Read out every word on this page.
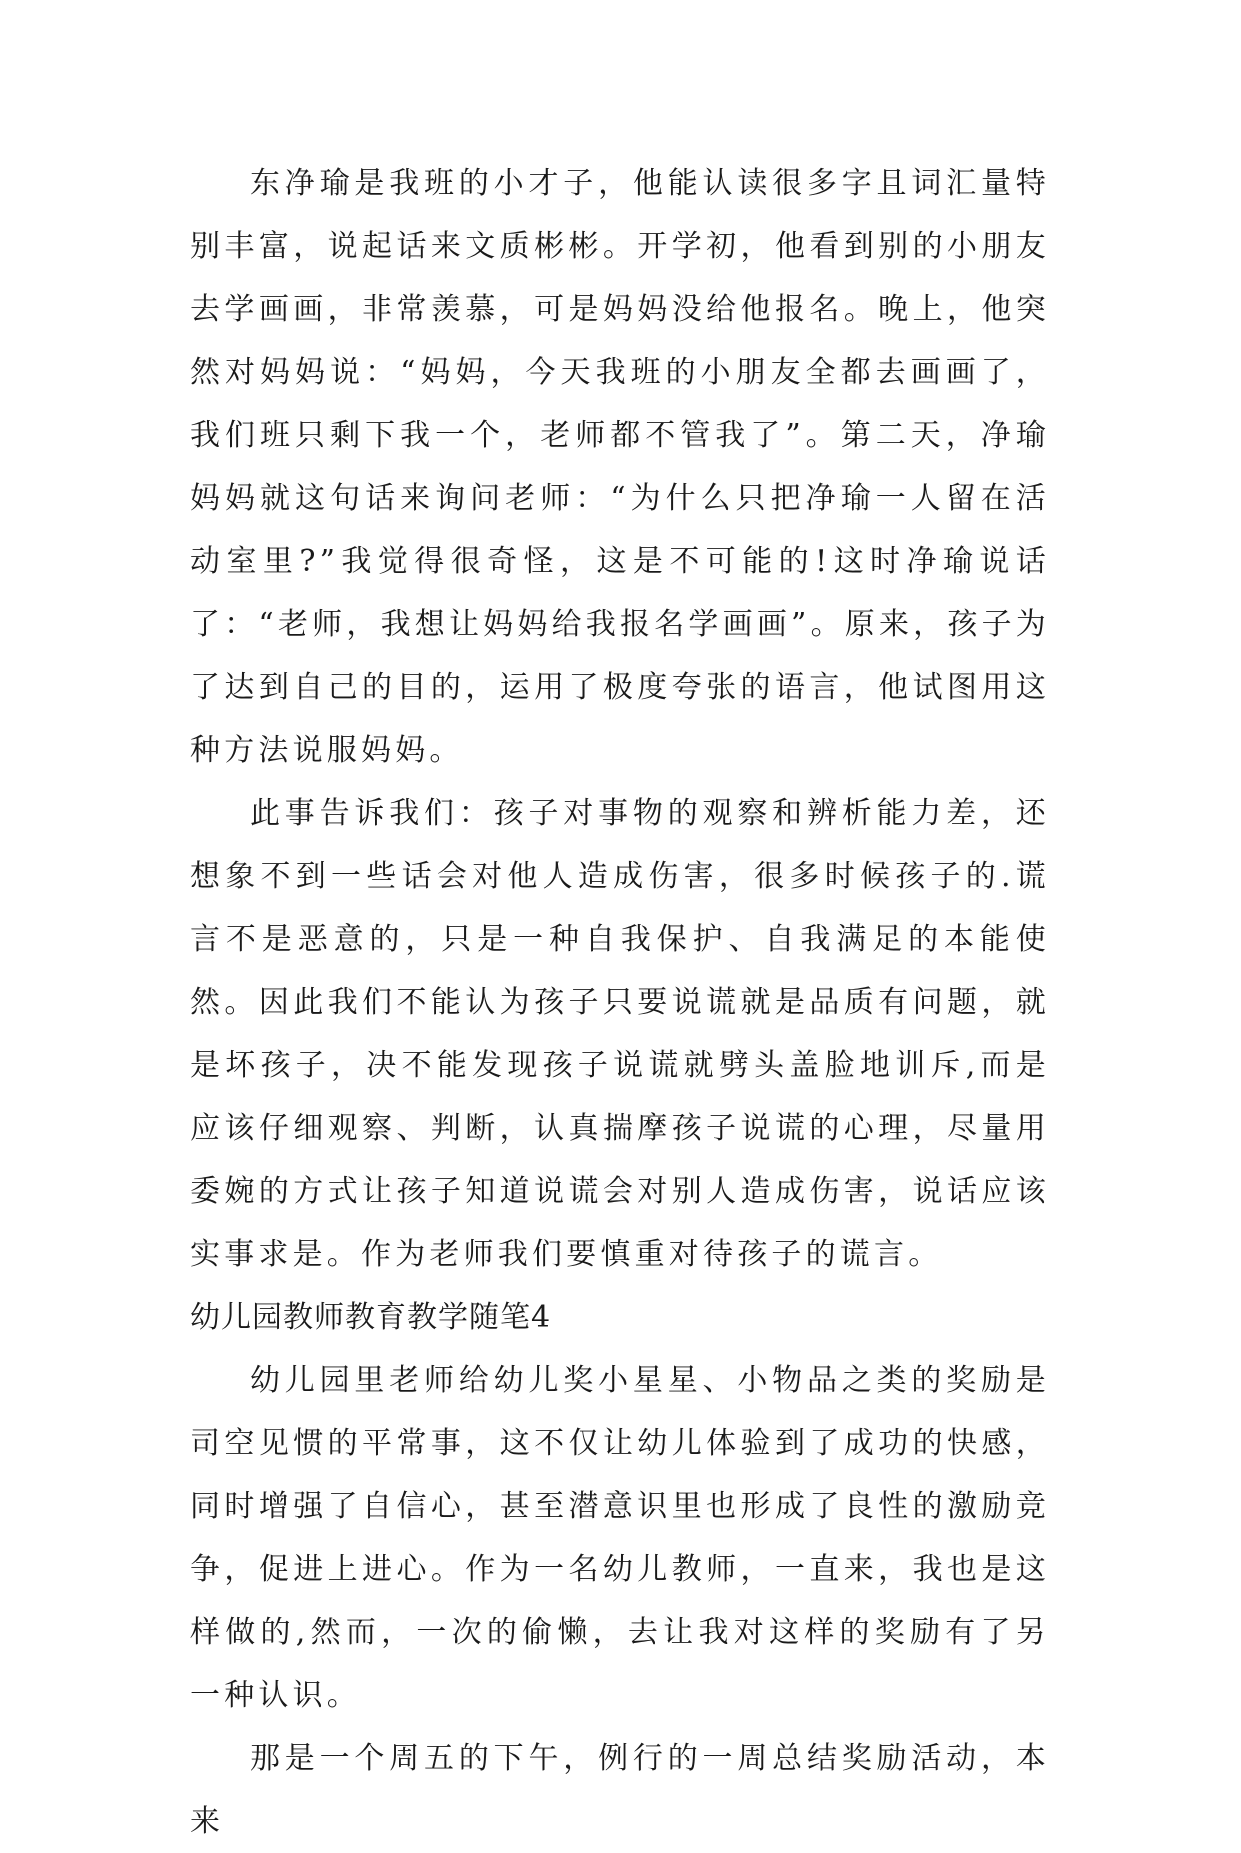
东净瑜是我班的小才子，他能认读很多字且词汇量特别丰富，说起话来文质彬彬。开学初，他看到别的小朋友去学画画，非常羡慕，可是妈妈没给他报名。晚上，他突然对妈妈说：“妈妈，今天我班的小朋友全都去画画了，我们班只剩下我一个，老师都不管我了”。第二天，净瑜妈妈就这句话来询问老师：“为什么只把净瑜一人留在活动室里?”我觉得很奇怪，这是不可能的!这时净瑜说话了：“老师，我想让妈妈给我报名学画画”。原来，孩子为了达到自己的目的，运用了极度夸张的语言，他试图用这种方法说服妈妈。

此事告诉我们：孩子对事物的观察和辨析能力差，还想象不到一些话会对他人造成伤害，很多时候孩子的.谎言不是恶意的，只是一种自我保护、自我满足的本能使然。因此我们不能认为孩子只要说谎就是品质有问题，就是坏孩子，决不能发现孩子说谎就劈头盖脸地训斥,而是应该仔细观察、判断，认真揣摩孩子说谎的心理，尽量用委婉的方式让孩子知道说谎会对别人造成伤害，说话应该实事求是。作为老师我们要慎重对待孩子的谎言。

幼儿园教师教育教学随笔4

幼儿园里老师给幼儿奖小星星、小物品之类的奖励是司空见惯的平常事，这不仅让幼儿体验到了成功的快感，同时增强了自信心，甚至潜意识里也形成了良性的激励竞争，促进上进心。作为一名幼儿教师，一直来，我也是这样做的,然而，一次的偷懒，去让我对这样的奖励有了另一种认识。

那是一个周五的下午，例行的一周总结奖励活动，本来
